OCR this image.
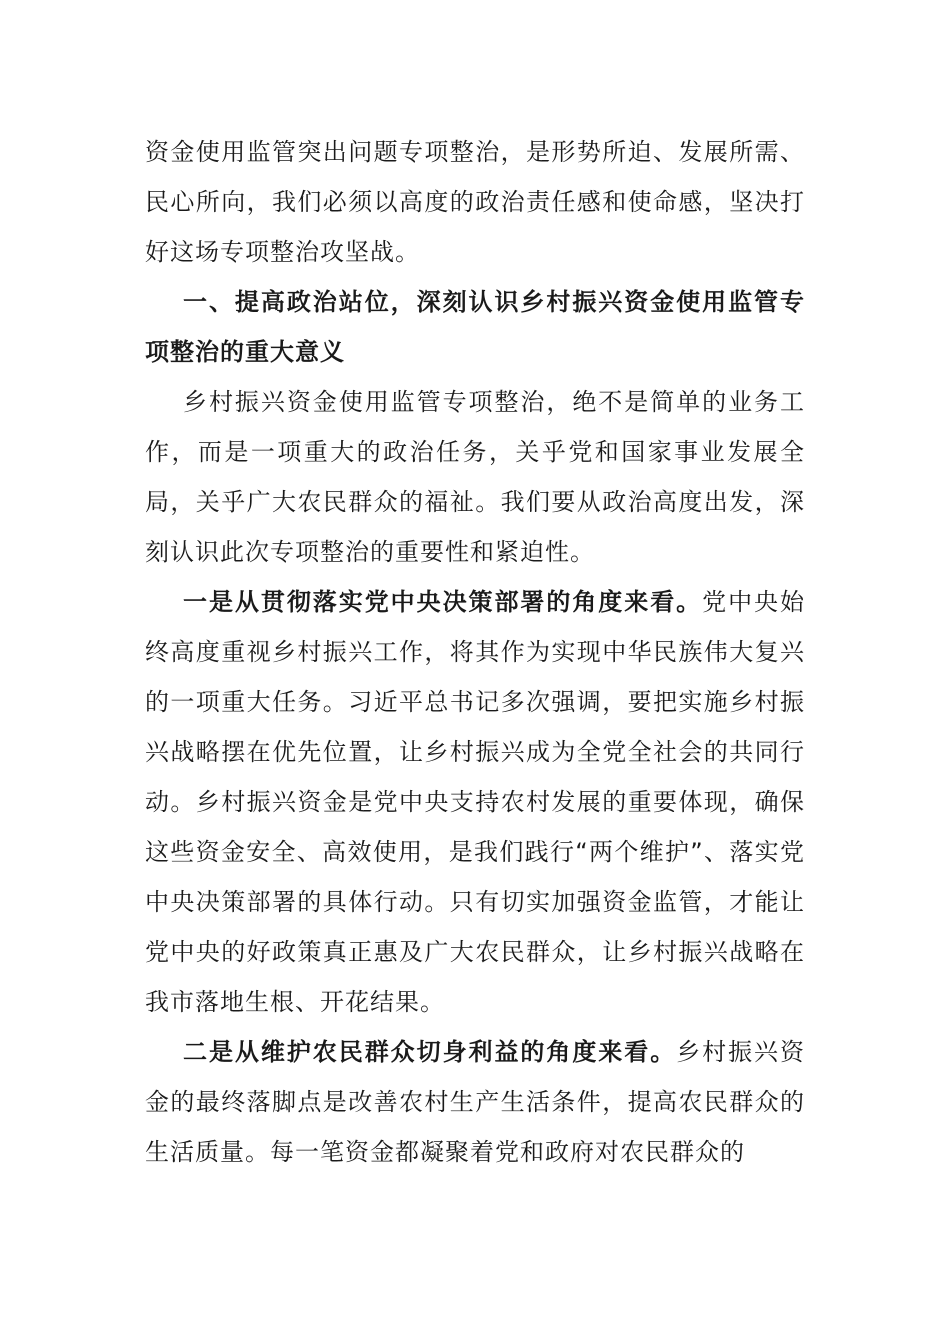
资金使用监管突出问题专项整治，是形势所迫、发展所需、民心所向，我们必须以高度的政治责任感和使命感，坚决打好这场专项整治攻坚战。

一、提高政治站位，深刻认识乡村振兴资金使用监管专项整治的重大意义

乡村振兴资金使用监管专项整治，绝不是简单的业务工作，而是一项重大的政治任务，关乎党和国家事业发展全局，关乎广大农民群众的福祉。我们要从政治高度出发，深刻认识此次专项整治的重要性和紧迫性。

一是从贯彻落实党中央决策部署的角度来看。党中央始终高度重视乡村振兴工作，将其作为实现中华民族伟大复兴的一项重大任务。习近平总书记多次强调，要把实施乡村振兴战略摆在优先位置，让乡村振兴成为全党全社会的共同行动。乡村振兴资金是党中央支持农村发展的重要体现，确保这些资金安全、高效使用，是我们践行“两个维护”、落实党中央决策部署的具体行动。只有切实加强资金监管，才能让党中央的好政策真正惠及广大农民群众，让乡村振兴战略在我市落地生根、开花结果。

二是从维护农民群众切身利益的角度来看。乡村振兴资金的最终落脚点是改善农村生产生活条件，提高农民群众的生活质量。每一笔资金都凝聚着党和政府对农民群众的
